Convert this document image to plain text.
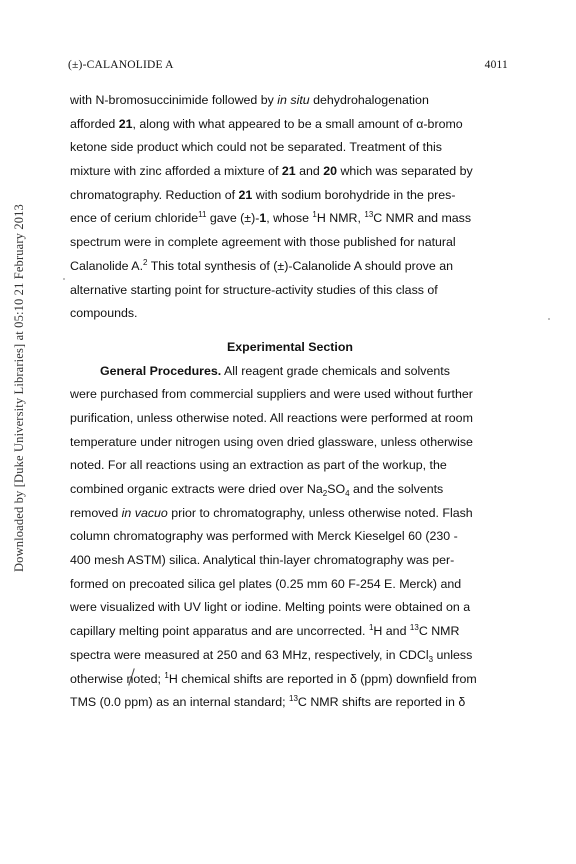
(±)-CALANOLIDE A	4011
Downloaded by [Duke University Libraries] at 05:10 21 February 2013
with N-bromosuccinimide followed by in situ dehydrohalogenation
afforded 21, along with what appeared to be a small amount of α-bromo
ketone side product which could not be separated. Treatment of this
mixture with zinc afforded a mixture of 21 and 20 which was separated by
chromatography. Reduction of 21 with sodium borohydride in the pres-
ence of cerium chloride$^{11}$ gave (±)-1, whose $^1$H NMR, $^{13}$C NMR and mass
spectrum were in complete agreement with those published for natural
Calanolide A.$^2$ This total synthesis of (±)-Calanolide A should prove an
alternative starting point for structure-activity studies of this class of
compounds.
Experimental Section
General Procedures. All reagent grade chemicals and solvents
were purchased from commercial suppliers and were used without further
purification, unless otherwise noted. All reactions were performed at room
temperature under nitrogen using oven dried glassware, unless otherwise
noted. For all reactions using an extraction as part of the workup, the
combined organic extracts were dried over $Na_2SO_4$ and the solvents
removed in vacuo prior to chromatography, unless otherwise noted. Flash
column chromatography was performed with Merck Kieselgel 60 (230 -
400 mesh ASTM) silica. Analytical thin-layer chromatography was per-
formed on precoated silica gel plates (0.25 mm 60 F-254 E. Merck) and
were visualized with UV light or iodine. Melting points were obtained on a
capillary melting point apparatus and are uncorrected. $^1$H and $^{13}$C NMR
spectra were measured at 250 and 63 MHz, respectively, in CDCl$_3$ unless
otherwise noted; $^1$H chemical shifts are reported in δ (ppm) downfield from
TMS (0.0 ppm) as an internal standard; $^{13}$C NMR shifts are reported in δ
